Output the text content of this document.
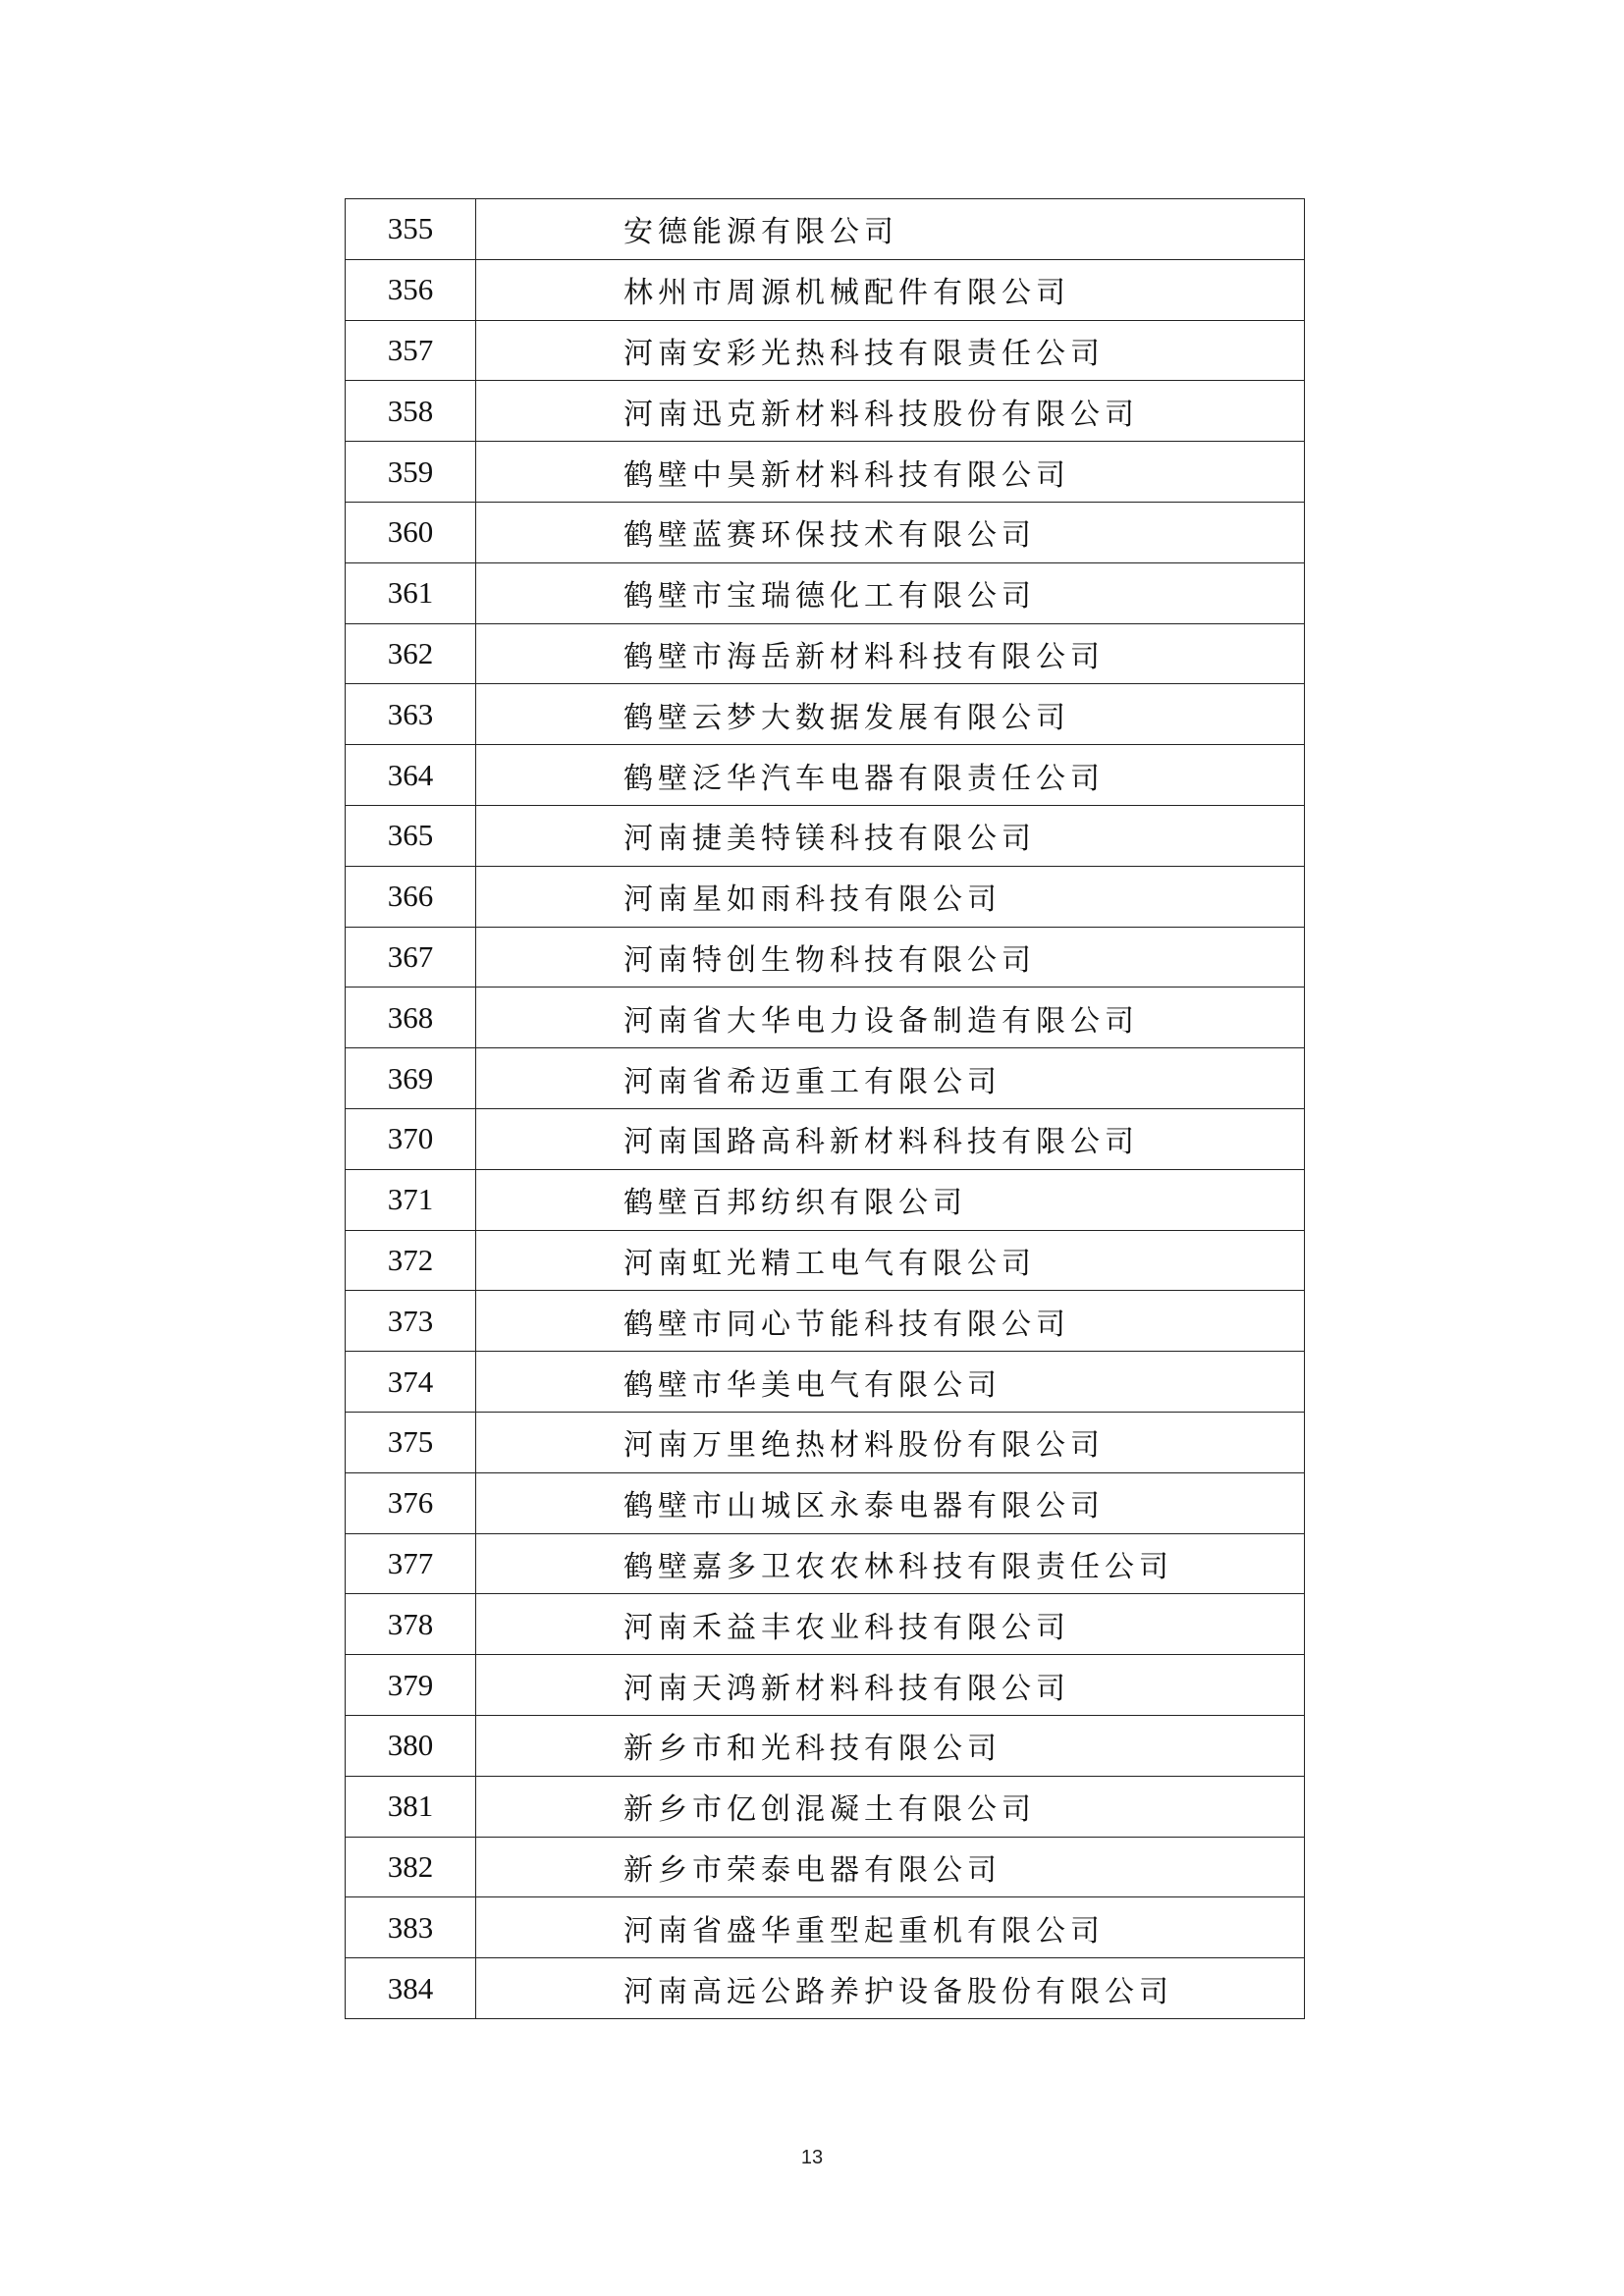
355	安德能源有限公司
356	林州市周源机械配件有限公司
357	河南安彩光热科技有限责任公司
358	河南迅克新材料科技股份有限公司
359	鹤壁中昊新材料科技有限公司
360	鹤壁蓝赛环保技术有限公司
361	鹤壁市宝瑞德化工有限公司
362	鹤壁市海岳新材料科技有限公司
363	鹤壁云梦大数据发展有限公司
364	鹤壁泛华汽车电器有限责任公司
365	河南捷美特镁科技有限公司
366	河南星如雨科技有限公司
367	河南特创生物科技有限公司
368	河南省大华电力设备制造有限公司
369	河南省希迈重工有限公司
370	河南国路高科新材料科技有限公司
371	鹤壁百邦纺织有限公司
372	河南虹光精工电气有限公司
373	鹤壁市同心节能科技有限公司
374	鹤壁市华美电气有限公司
375	河南万里绝热材料股份有限公司
376	鹤壁市山城区永泰电器有限公司
377	鹤壁嘉多卫农农林科技有限责任公司
378	河南禾益丰农业科技有限公司
379	河南天鸿新材料科技有限公司
380	新乡市和光科技有限公司
381	新乡市亿创混凝土有限公司
382	新乡市荣泰电器有限公司
383	河南省盛华重型起重机有限公司
384	河南高远公路养护设备股份有限公司
13
